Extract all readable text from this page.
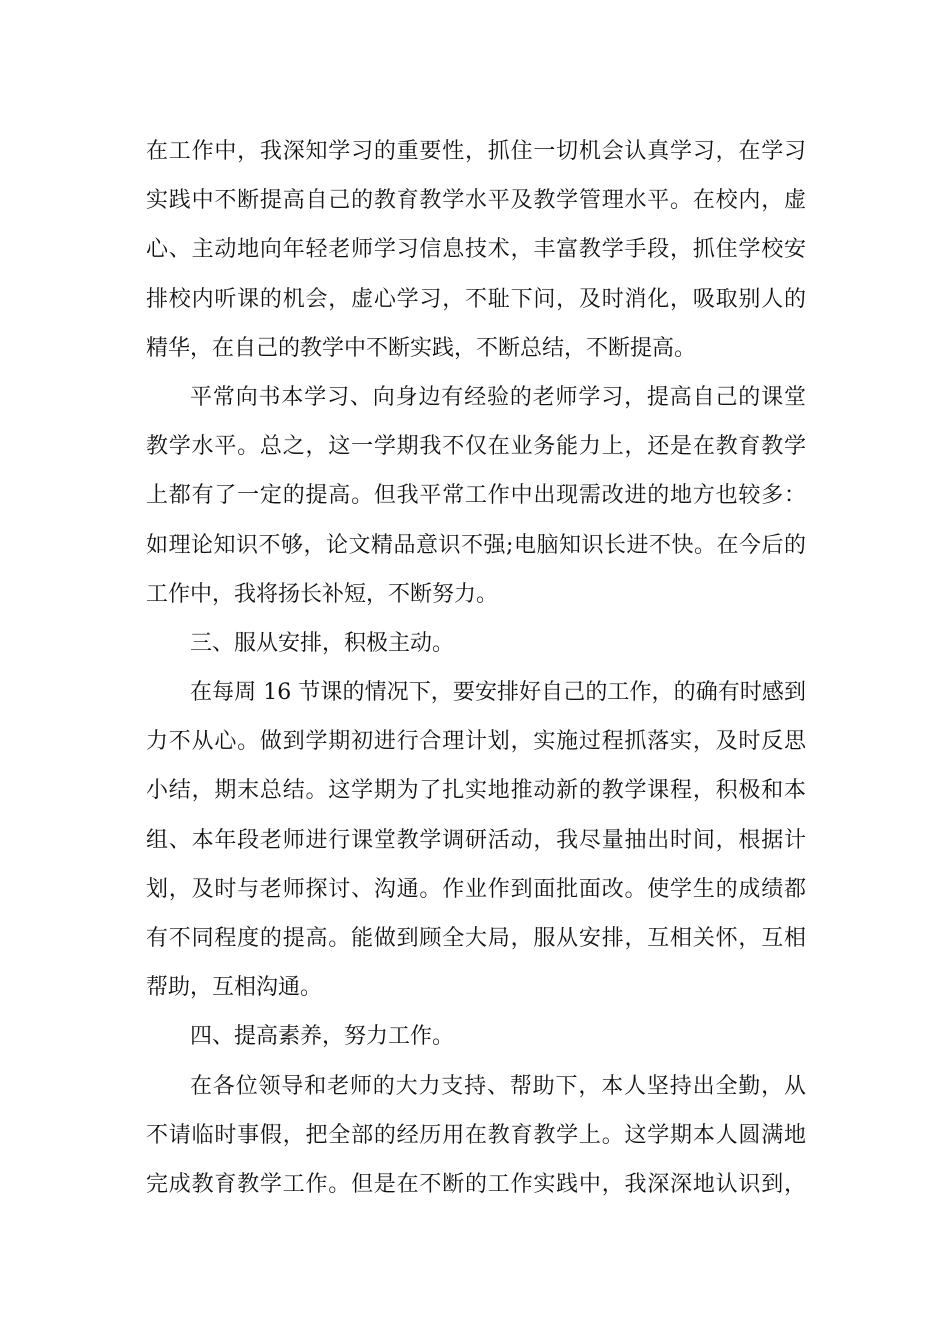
在工作中，我深知学习的重要性，抓住一切机会认真学习，在学习
实践中不断提高自己的教育教学水平及教学管理水平。在校内，虚
心、主动地向年轻老师学习信息技术，丰富教学手段，抓住学校安
排校内听课的机会，虚心学习，不耻下问，及时消化，吸取别人的
精华，在自己的教学中不断实践，不断总结，不断提高。
平常向书本学习、向身边有经验的老师学习，提高自己的课堂
教学水平。总之，这一学期我不仅在业务能力上，还是在教育教学
上都有了一定的提高。但我平常工作中出现需改进的地方也较多：
如理论知识不够，论文精品意识不强;电脑知识长进不快。在今后的
工作中，我将扬长补短，不断努力。
三、服从安排，积极主动。
在每周 16 节课的情况下，要安排好自己的工作，的确有时感到
力不从心。做到学期初进行合理计划，实施过程抓落实，及时反思
小结，期末总结。这学期为了扎实地推动新的教学课程，积极和本
组、本年段老师进行课堂教学调研活动，我尽量抽出时间，根据计
划，及时与老师探讨、沟通。作业作到面批面改。使学生的成绩都
有不同程度的提高。能做到顾全大局，服从安排，互相关怀，互相
帮助，互相沟通。
四、提高素养，努力工作。
在各位领导和老师的大力支持、帮助下，本人坚持出全勤，从
不请临时事假，把全部的经历用在教育教学上。这学期本人圆满地
完成教育教学工作。但是在不断的工作实践中，我深深地认识到，
